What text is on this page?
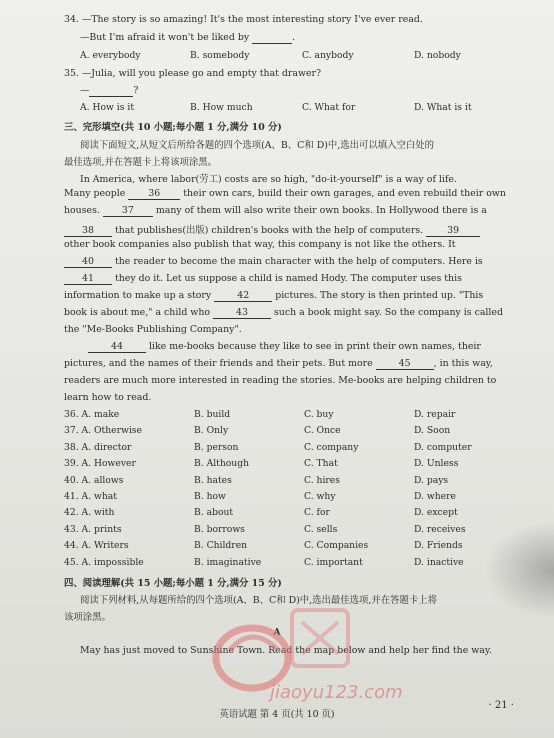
34. —The story is so amazing! It's the most interesting story I've ever read.
—But I'm afraid it won't be liked by	.
A. everybody	B. somebody	C. anybody	D. nobody
35. —Julia, will you please go and empty that drawer?
—	?
A. How is it	B. How much	C. What for	D. What is it
三、完形填空(共 10 小题;每小题 1 分,满分 10 分)
阅读下面短文,从短文后所给各题的四个选项(A、B、C和 D)中,选出可以填入空白处的
最佳选项,并在答题卡上将该项涂黑。
In America, where labor(劳工) costs are so high, "do-it-yourself" is a way of life.
Many people 36 their own cars, build their own garages, and even rebuild their own
houses. 37 many of them will also write their own books. In Hollywood there is a
38 that publishes(出版) children's books with the help of computers.	39
other book companies also publish that way, this company is not like the others. It
40 the reader to become the main character with the help of computers. Here is
41 they do it. Let us suppose a child is named Hody. The computer uses this
information to make up a story	42	pictures. The story is then printed up. "This
book is about me," a child who	43	such a book might say. So the company is called
the "Me-Books Publishing Company".
44	like me-books because they like to see in print their own names, their
pictures, and the names of their friends and their pets. But more	45 , in this way,
readers are much more interested in reading the stories. Me-books are helping children to
learn how to read.
36. A. make	B. build	C. buy	D. repair
37. A. Otherwise	B. Only	C. Once	D. Soon
38. A. director	B. person	C. company	D. computer
39. A. However	B. Although	C. That	D. Unless
40. A. allows	B. hates	C. hires	D. pays
41. A. what	B. how	C. why	D. where
42. A. with	B. about	C. for	D. except
43. A. prints	B. borrows	C. sells	D. receives
44. A. Writers	B. Children	C. Companies	D. Friends
45. A. impossible	B. imaginative	C. important	D. inactive
四、阅读理解(共 15 小题;每小题 1 分,满分 15 分)
阅读下列材料,从每题所给的四个选项(A、B、C和 D)中,选出最佳选项,并在答题卡上将
该项涂黑。
A
May has just moved to Sunshine Town. Read the map below and help her find the way.
jiaoyu123.com
英语试题 第 4 页(共 10 页)
· 21 ·
